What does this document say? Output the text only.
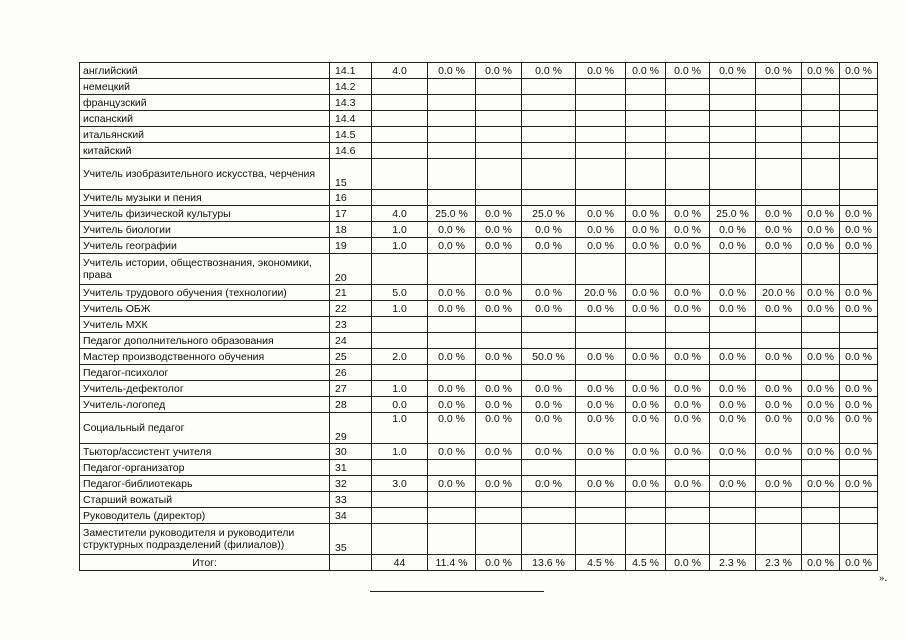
английский	14.1	4.0	0.0 %	0.0 %	0.0 %	0.0 %	0.0 %	0.0 %	0.0 %	0.0 %	0.0 %	0.0 %
немецкий	14.2											
французский	14.3											
испанский	14.4											
итальянский	14.5											
китайский	14.6											
Учитель изобразительного искусства, черчения	15											
Учитель музыки и пения	16											
Учитель физической культуры	17	4.0	25.0 %	0.0 %	25.0 %	0.0 %	0.0 %	0.0 %	25.0 %	0.0 %	0.0 %	0.0 %
Учитель биологии	18	1.0	0.0 %	0.0 %	0.0 %	0.0 %	0.0 %	0.0 %	0.0 %	0.0 %	0.0 %	0.0 %
Учитель географии	19	1.0	0.0 %	0.0 %	0.0 %	0.0 %	0.0 %	0.0 %	0.0 %	0.0 %	0.0 %	0.0 %
Учитель истории, обществознания, экономики, права	20											
Учитель трудового обучения (технологии)	21	5.0	0.0 %	0.0 %	0.0 %	20.0 %	0.0 %	0.0 %	0.0 %	20.0 %	0.0 %	0.0 %
Учитель ОБЖ	22	1.0	0.0 %	0.0 %	0.0 %	0.0 %	0.0 %	0.0 %	0.0 %	0.0 %	0.0 %	0.0 %
Учитель МХК	23											
Педагог дополнительного образования	24											
Мастер производственного обучения	25	2.0	0.0 %	0.0 %	50.0 %	0.0 %	0.0 %	0.0 %	0.0 %	0.0 %	0.0 %	0.0 %
Педагог-психолог	26											
Учитель-дефектолог	27	1.0	0.0 %	0.0 %	0.0 %	0.0 %	0.0 %	0.0 %	0.0 %	0.0 %	0.0 %	0.0 %
Учитель-логопед	28	0.0	0.0 %	0.0 %	0.0 %	0.0 %	0.0 %	0.0 %	0.0 %	0.0 %	0.0 %	0.0 %
Социальный педагог	29	1.0	0.0 %	0.0 %	0.0 %	0.0 %	0.0 %	0.0 %	0.0 %	0.0 %	0.0 %	0.0 %
Тьютор/ассистент учителя	30	1.0	0.0 %	0.0 %	0.0 %	0.0 %	0.0 %	0.0 %	0.0 %	0.0 %	0.0 %	0.0 %
Педагог-организатор	31											
Педагог-библиотекарь	32	3.0	0.0 %	0.0 %	0.0 %	0.0 %	0.0 %	0.0 %	0.0 %	0.0 %	0.0 %	0.0 %
Старший вожатый	33											
Руководитель (директор)	34											
Заместители руководителя и руководители структурных подразделений (филиалов))	35											
Итог:		44	11.4 %	0.0 %	13.6 %	4.5 %	4.5 %	0.0 %	2.3 %	2.3 %	0.0 %	0.0 %
».
